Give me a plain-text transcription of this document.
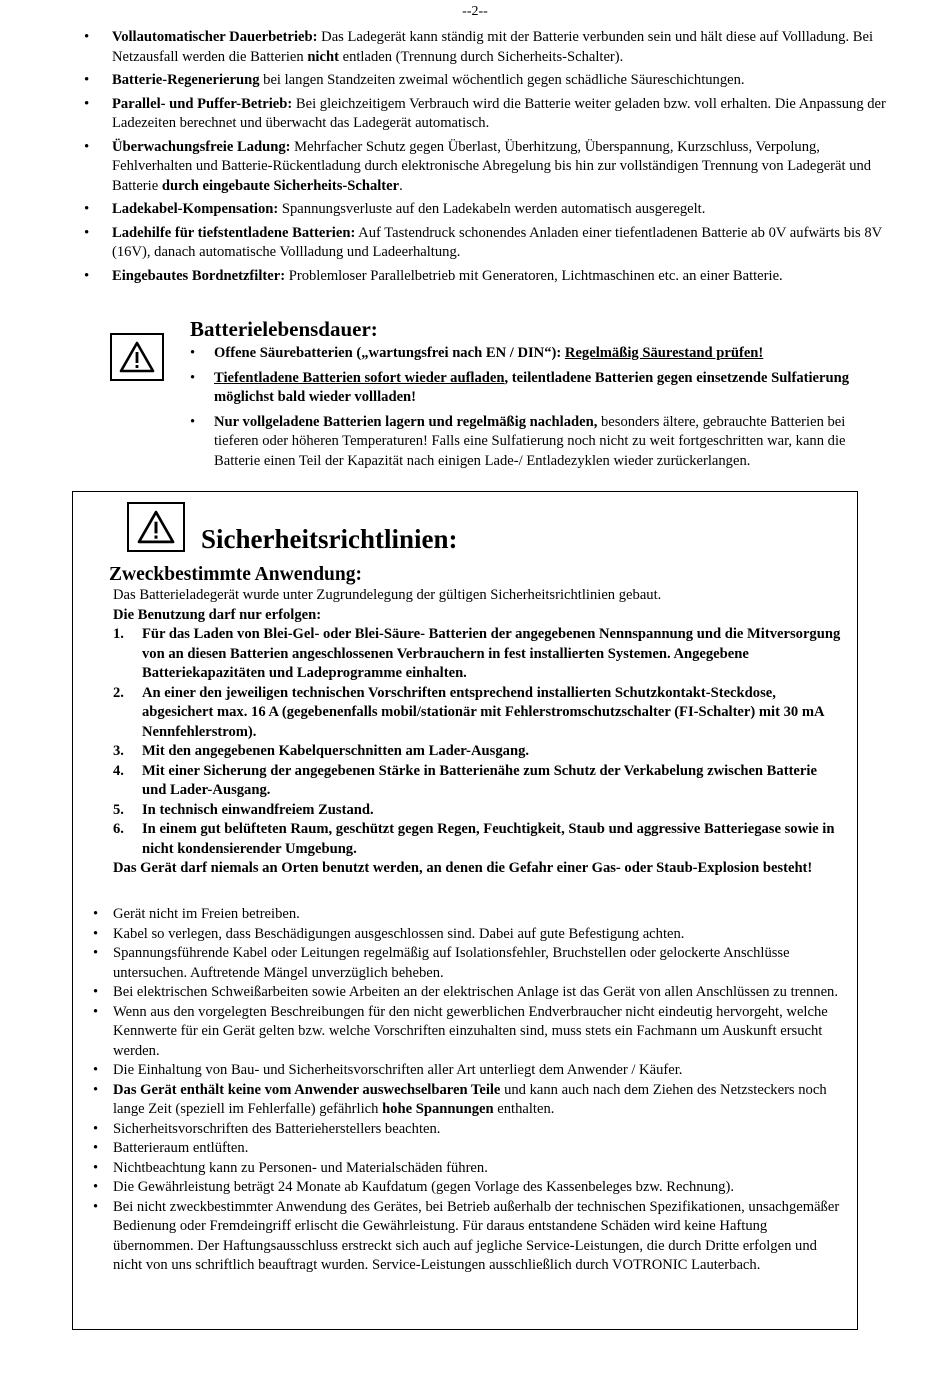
--2--
• Vollautomatischer Dauerbetrieb: Das Ladegerät kann ständig mit der Batterie verbunden sein und hält diese auf Vollladung. Bei Netzausfall werden die Batterien nicht entladen (Trennung durch Sicherheits-Schalter).
• Batterie-Regenerierung bei langen Standzeiten zweimal wöchentlich gegen schädliche Säureschichtungen.
• Parallel- und Puffer-Betrieb: Bei gleichzeitigem Verbrauch wird die Batterie weiter geladen bzw. voll erhalten. Die Anpassung der Ladezeiten berechnet und überwacht das Ladegerät automatisch.
• Überwachungsfreie Ladung: Mehrfacher Schutz gegen Überlast, Überhitzung, Überspannung, Kurzschluss, Verpolung, Fehlverhalten und Batterie-Rückentladung durch elektronische Abregelung bis hin zur vollständigen Trennung von Ladegerät und Batterie durch eingebaute Sicherheits-Schalter.
• Ladekabel-Kompensation: Spannungsverluste auf den Ladekabeln werden automatisch ausgeregelt.
• Ladehilfe für tiefstentladene Batterien: Auf Tastendruck schonendes Anladen einer tiefentladenen Batterie ab 0V aufwärts bis 8V (16V), danach automatische Vollladung und Ladeerhaltung.
• Eingebautes Bordnetzfilter: Problemloser Parallelbetrieb mit Generatoren, Lichtmaschinen etc. an einer Batterie.
Batterielebensdauer:
• Offene Säurebatterien („wartungsfrei nach EN / DIN“): Regelmäßig Säurestand prüfen!
• Tiefentladene Batterien sofort wieder aufladen, teilentladene Batterien gegen einsetzende Sulfatierung möglichst bald wieder vollladen!
• Nur vollgeladene Batterien lagern und regelmäßig nachladen, besonders ältere, gebrauchte Batterien bei tieferen oder höheren Temperaturen! Falls eine Sulfatierung noch nicht zu weit fortgeschritten war, kann die Batterie einen Teil der Kapazität nach einigen Lade-/ Entladezyklen wieder zurückerlangen.
Sicherheitsrichtlinien:
Zweckbestimmte Anwendung:

Das Batterieladegerät wurde unter Zugrundelegung der gültigen Sicherheitsrichtlinien gebaut.

Die Benutzung darf nur erfolgen:

1. Für das Laden von Blei-Gel- oder Blei-Säure- Batterien der angegebenen Nennspannung und die Mitversorgung von an diesen Batterien angeschlossenen Verbrauchern in fest installierten Systemen. Angegebene Batteriekapazitäten und Ladeprogramme einhalten.
2. An einer den jeweiligen technischen Vorschriften entsprechend installierten Schutzkontakt-Steckdose, abgesichert max. 16 A (gegebenenfalls mobil/stationär mit Fehlerstromschutzschalter (FI-Schalter) mit 30 mA Nennfehlerstrom).
3. Mit den angegebenen Kabelquerschnitten am Lader-Ausgang.
4. Mit einer Sicherung der angegebenen Stärke in Batterienähe zum Schutz der Verkabelung zwischen Batterie und Lader-Ausgang.
5. In technisch einwandfreiem Zustand.
6. In einem gut belüfteten Raum, geschützt gegen Regen, Feuchtigkeit, Staub und aggressive Batteriegase sowie in nicht kondensierender Umgebung.

Das Gerät darf niemals an Orten benutzt werden, an denen die Gefahr einer Gas- oder Staub-Explosion besteht!

• Gerät nicht im Freien betreiben.
• Kabel so verlegen, dass Beschädigungen ausgeschlossen sind. Dabei auf gute Befestigung achten.
• Spannungsführende Kabel oder Leitungen regelmäßig auf Isolationsfehler, Bruchstellen oder gelockerte Anschlüsse untersuchen. Auftretende Mängel unverzüglich beheben.
• Bei elektrischen Schweißarbeiten sowie Arbeiten an der elektrischen Anlage ist das Gerät von allen Anschlüssen zu trennen.
• Wenn aus den vorgelegten Beschreibungen für den nicht gewerblichen Endverbraucher nicht eindeutig hervorgeht, welche Kennwerte für ein Gerät gelten bzw. welche Vorschriften einzuhalten sind, muss stets ein Fachmann um Auskunft ersucht werden.
• Die Einhaltung von Bau- und Sicherheitsvorschriften aller Art unterliegt dem Anwender / Käufer.
• Das Gerät enthält keine vom Anwender auswechselbaren Teile und kann auch nach dem Ziehen des Netzsteckers noch lange Zeit (speziell im Fehlerfalle) gefährlich hohe Spannungen enthalten.
• Sicherheitsvorschriften des Batterieherstellers beachten.
• Batterieraum entlüften.
• Nichtbeachtung kann zu Personen- und Materialschäden führen.
• Die Gewährleistung beträgt 24 Monate ab Kaufdatum (gegen Vorlage des Kassenbeleges bzw. Rechnung).
• Bei nicht zweckbestimmter Anwendung des Gerätes, bei Betrieb außerhalb der technischen Spezifikationen, unsachgemäßer Bedienung oder Fremdeingriff erlischt die Gewährleistung. Für daraus entstandene Schäden wird keine Haftung übernommen. Der Haftungsausschluss erstreckt sich auch auf jegliche Service-Leistungen, die durch Dritte erfolgen und nicht von uns schriftlich beauftragt wurden. Service-Leistungen ausschließlich durch VOTRONIC Lauterbach.
